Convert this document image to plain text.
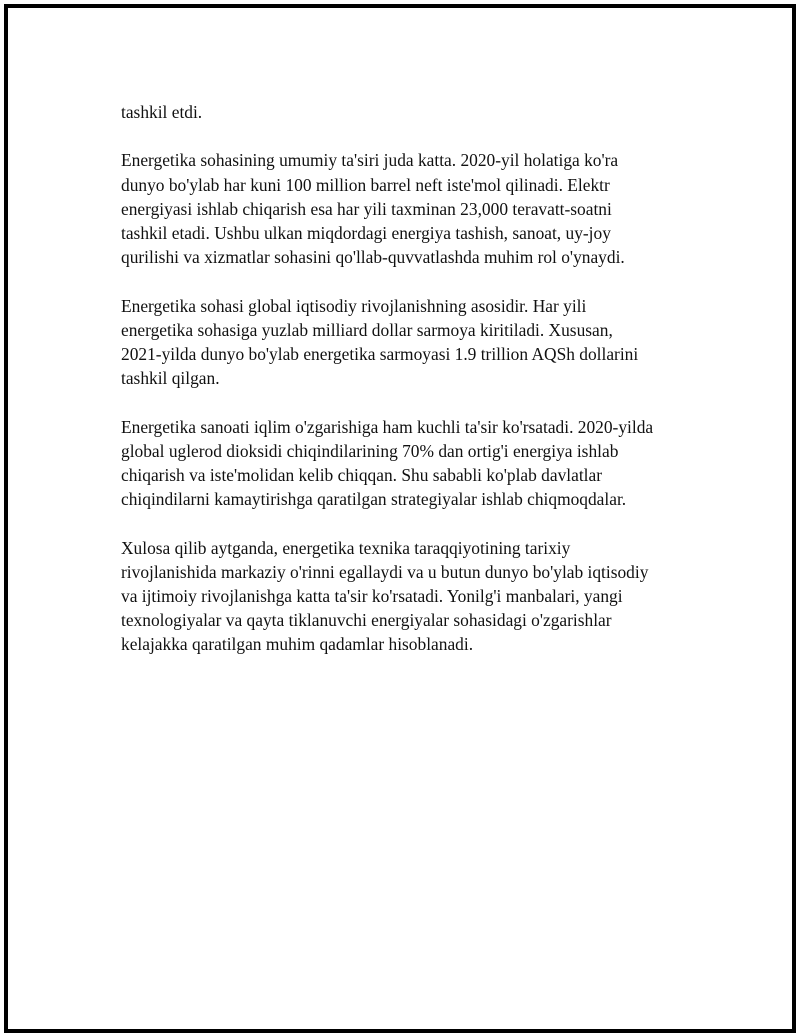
tashkil etdi.

Energetika sohasining umumiy ta'siri juda katta. 2020-yil holatiga ko'ra
dunyo bo'ylab har kuni 100 million barrel neft iste'mol qilinadi. Elektr
energiyasi ishlab chiqarish esa har yili taxminan 23,000 teravatt-soatni
tashkil etadi. Ushbu ulkan miqdordagi energiya tashish, sanoat, uy-joy
qurilishi va xizmatlar sohasini qo'llab-quvvatlashda muhim rol o'ynaydi.

Energetika sohasi global iqtisodiy rivojlanishning asosidir. Har yili
energetika sohasiga yuzlab milliard dollar sarmoya kiritiladi. Xususan,
2021-yilda dunyo bo'ylab energetika sarmoyasi 1.9 trillion AQSh dollarini
tashkil qilgan.

Energetika sanoati iqlim o'zgarishiga ham kuchli ta'sir ko'rsatadi. 2020-yilda
global uglerod dioksidi chiqindilarining 70% dan ortig'i energiya ishlab
chiqarish va iste'molidan kelib chiqqan. Shu sababli ko'plab davlatlar
chiqindilarni kamaytirishga qaratilgan strategiyalar ishlab chiqmoqdalar.

Xulosa qilib aytganda, energetika texnika taraqqiyotining tarixiy
rivojlanishida markaziy o'rinni egallaydi va u butun dunyo bo'ylab iqtisodiy
va ijtimoiy rivojlanishga katta ta'sir ko'rsatadi. Yonilg'i manbalari, yangi
texnologiyalar va qayta tiklanuvchi energiyalar sohasidagi o'zgarishlar
kelajakka qaratilgan muhim qadamlar hisoblanadi.
